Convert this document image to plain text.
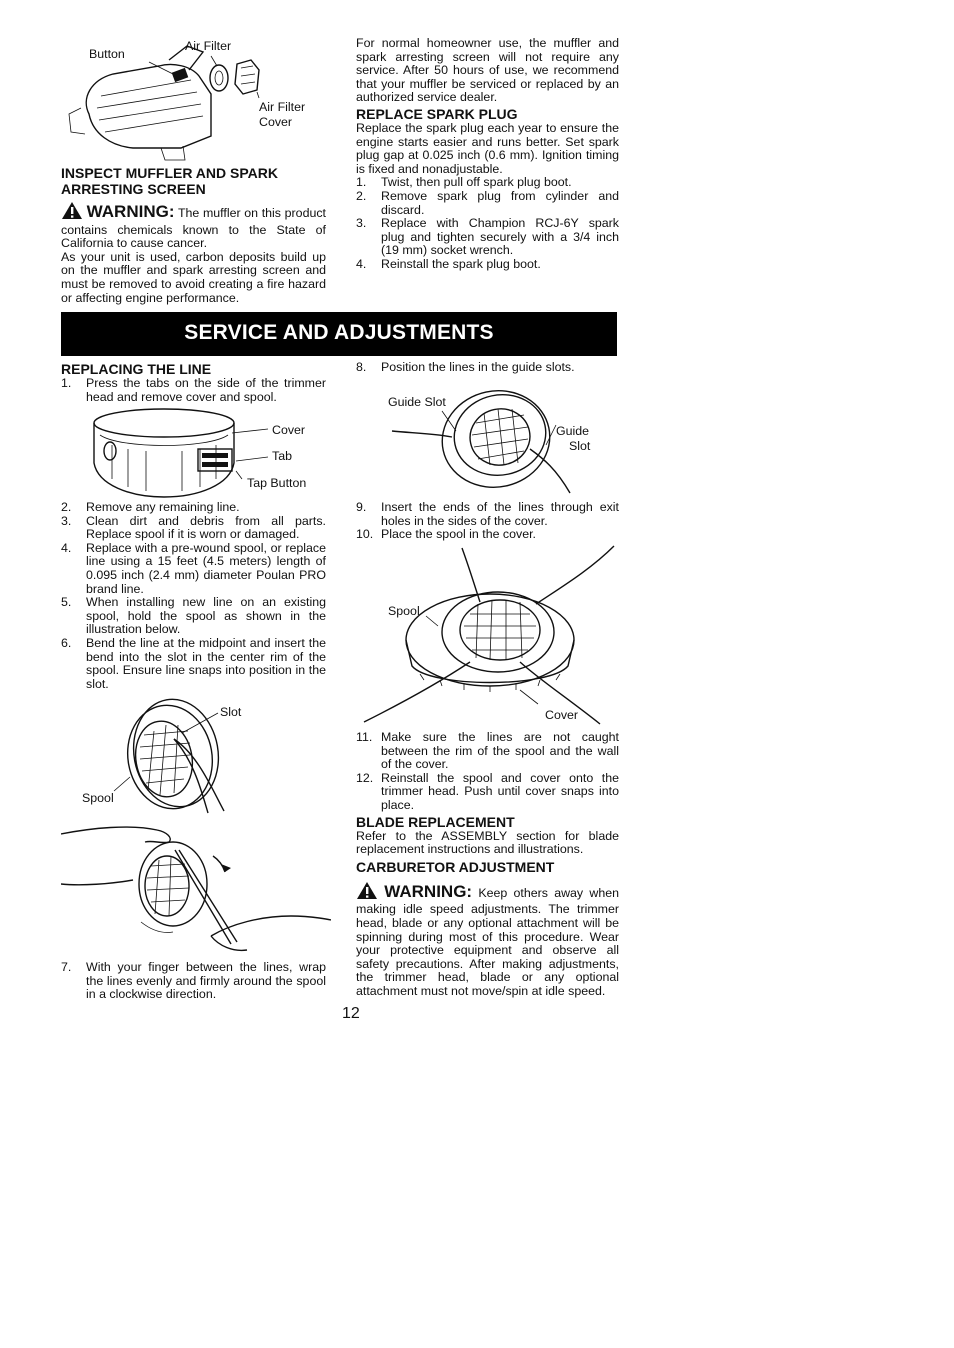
Button
Air Filter
Air Filter
Cover
INSPECT MUFFLER AND SPARK
ARRESTING SCREEN
WARNING: The muffler on this product contains chemicals known to the State of California to cause cancer.
As your unit is used, carbon deposits build up on the muffler and spark arresting screen and must be removed to avoid creating a fire hazard or affecting engine performance.
For normal homeowner use, the muffler and spark arresting screen will not require any service. After 50 hours of use, we recommend that your muffler be serviced or replaced by an authorized service dealer.
REPLACE SPARK PLUG
Replace the spark plug each year to ensure the engine starts easier and runs better. Set spark plug gap at 0.025 inch (0.6 mm). Ignition timing is fixed and nonadjustable.
1. Twist, then pull off spark plug boot.
2. Remove spark plug from cylinder and discard.
3. Replace with Champion RCJ-6Y spark plug and tighten securely with a 3/4 inch (19 mm) socket wrench.
4. Reinstall the spark plug boot.
SERVICE AND ADJUSTMENTS
REPLACING THE LINE
1. Press the tabs on the side of the trimmer head and remove cover and spool.
Cover
Tab
Tap Button
2. Remove any remaining line.
3. Clean dirt and debris from all parts. Replace spool if it is worn or damaged.
4. Replace with a pre-wound spool, or replace line using a 15 feet (4.5 meters) length of 0.095 inch (2.4 mm) diameter Poulan PRO brand line.
5. When installing new line on an existing spool, hold the spool as shown in the illustration below.
6. Bend the line at the midpoint and insert the bend into the slot in the center rim of the spool. Ensure line snaps into position in the slot.
Slot
Spool
7. With your finger between the lines, wrap the lines evenly and firmly around the spool in a clockwise direction.
8. Position the lines in the guide slots.
Guide Slot
Guide
Slot
9. Insert the ends of the lines through exit holes in the sides of the cover.
10. Place the spool in the cover.
Spool
Cover
11. Make sure the lines are not caught between the rim of the spool and the wall of the cover.
12. Reinstall the spool and cover onto the trimmer head. Push until cover snaps into place.
BLADE REPLACEMENT
Refer to the ASSEMBLY section for blade replacement instructions and illustrations.
CARBURETOR ADJUSTMENT
WARNING: Keep others away when making idle speed adjustments. The trimmer head, blade or any optional attachment will be spinning during most of this procedure. Wear your protective equipment and observe all safety precautions. After making adjustments, the trimmer head, blade or any optional attachment must not move/spin at idle speed.
12
